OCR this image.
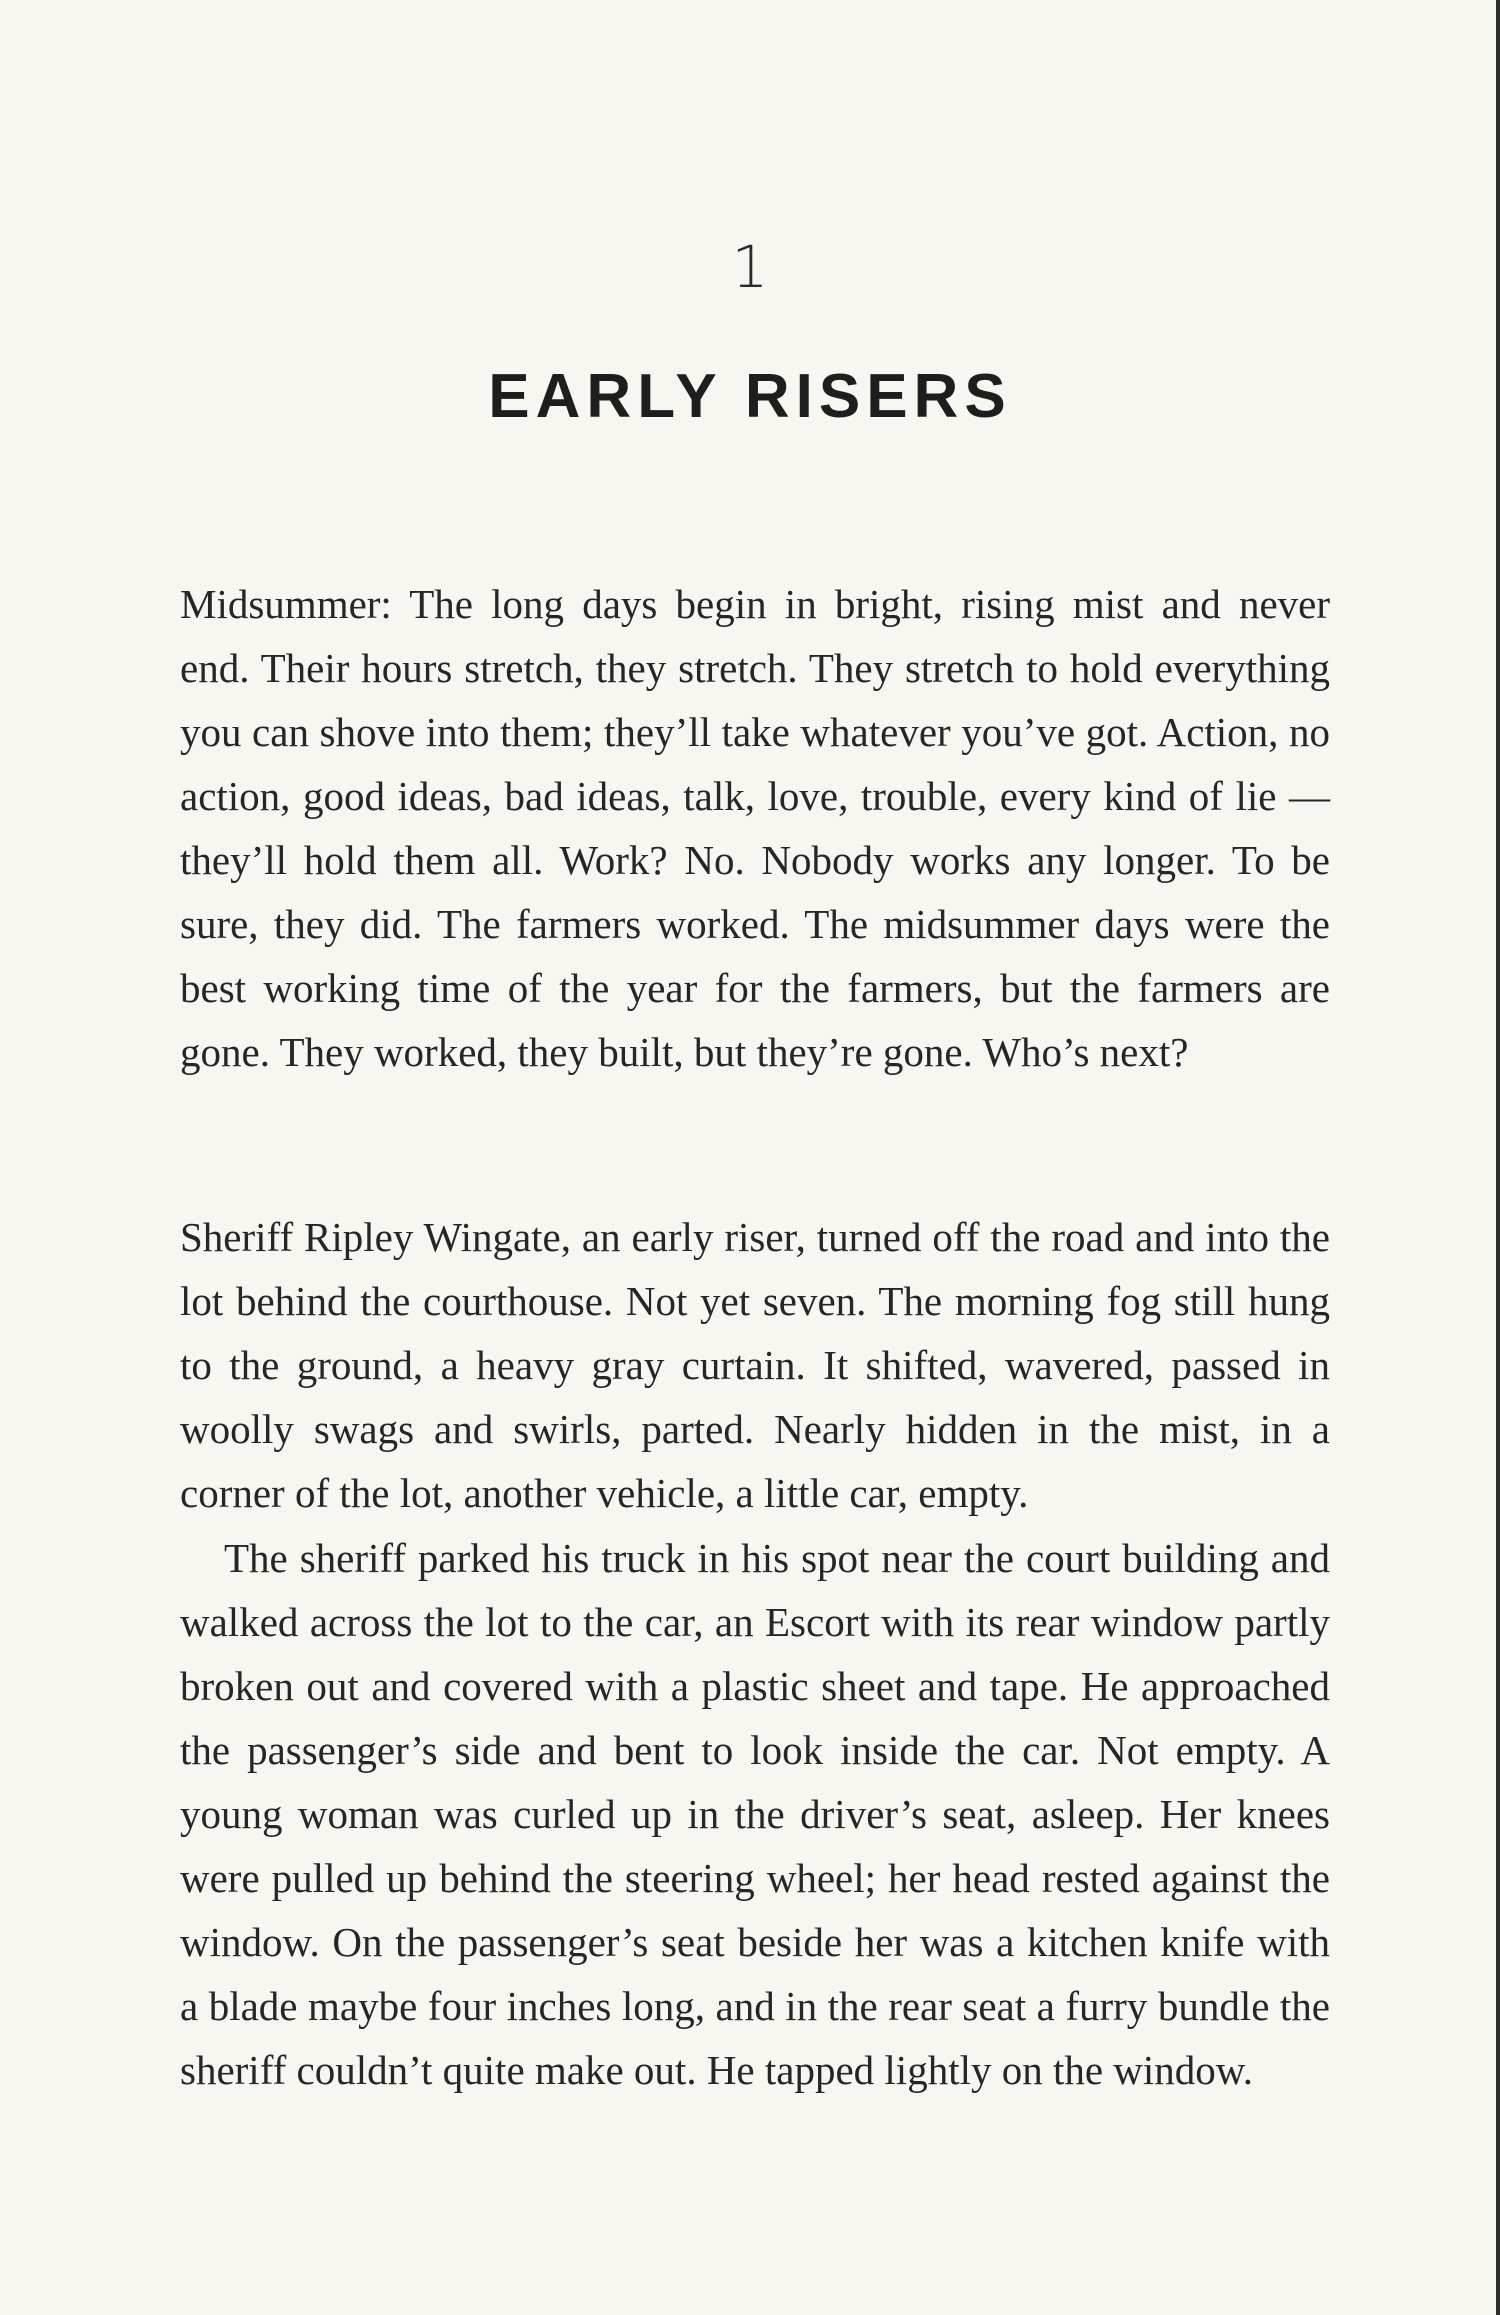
1
EARLY RISERS

Midsummer: The long days begin in bright, rising mist and never end. Their hours stretch, they stretch. They stretch to hold everything you can shove into them; they’ll take whatever you’ve got. Action, no action, good ideas, bad ideas, talk, love, trouble, every kind of lie — they’ll hold them all. Work? No. Nobody works any longer. To be sure, they did. The farmers worked. The midsummer days were the best working time of the year for the farmers, but the farmers are gone. They worked, they built, but they’re gone. Who’s next?

Sheriff Ripley Wingate, an early riser, turned off the road and into the lot behind the courthouse. Not yet seven. The morning fog still hung to the ground, a heavy gray curtain. It shifted, wavered, passed in woolly swags and swirls, parted. Nearly hidden in the mist, in a corner of the lot, another vehicle, a little car, empty.

The sheriff parked his truck in his spot near the court building and walked across the lot to the car, an Escort with its rear window partly broken out and covered with a plastic sheet and tape. He approached the passenger’s side and bent to look inside the car. Not empty. A young woman was curled up in the driver’s seat, asleep. Her knees were pulled up behind the steering wheel; her head rested against the window. On the passenger’s seat beside her was a kitchen knife with a blade maybe four inches long, and in the rear seat a furry bundle the sheriff couldn’t quite make out. He tapped lightly on the window.
